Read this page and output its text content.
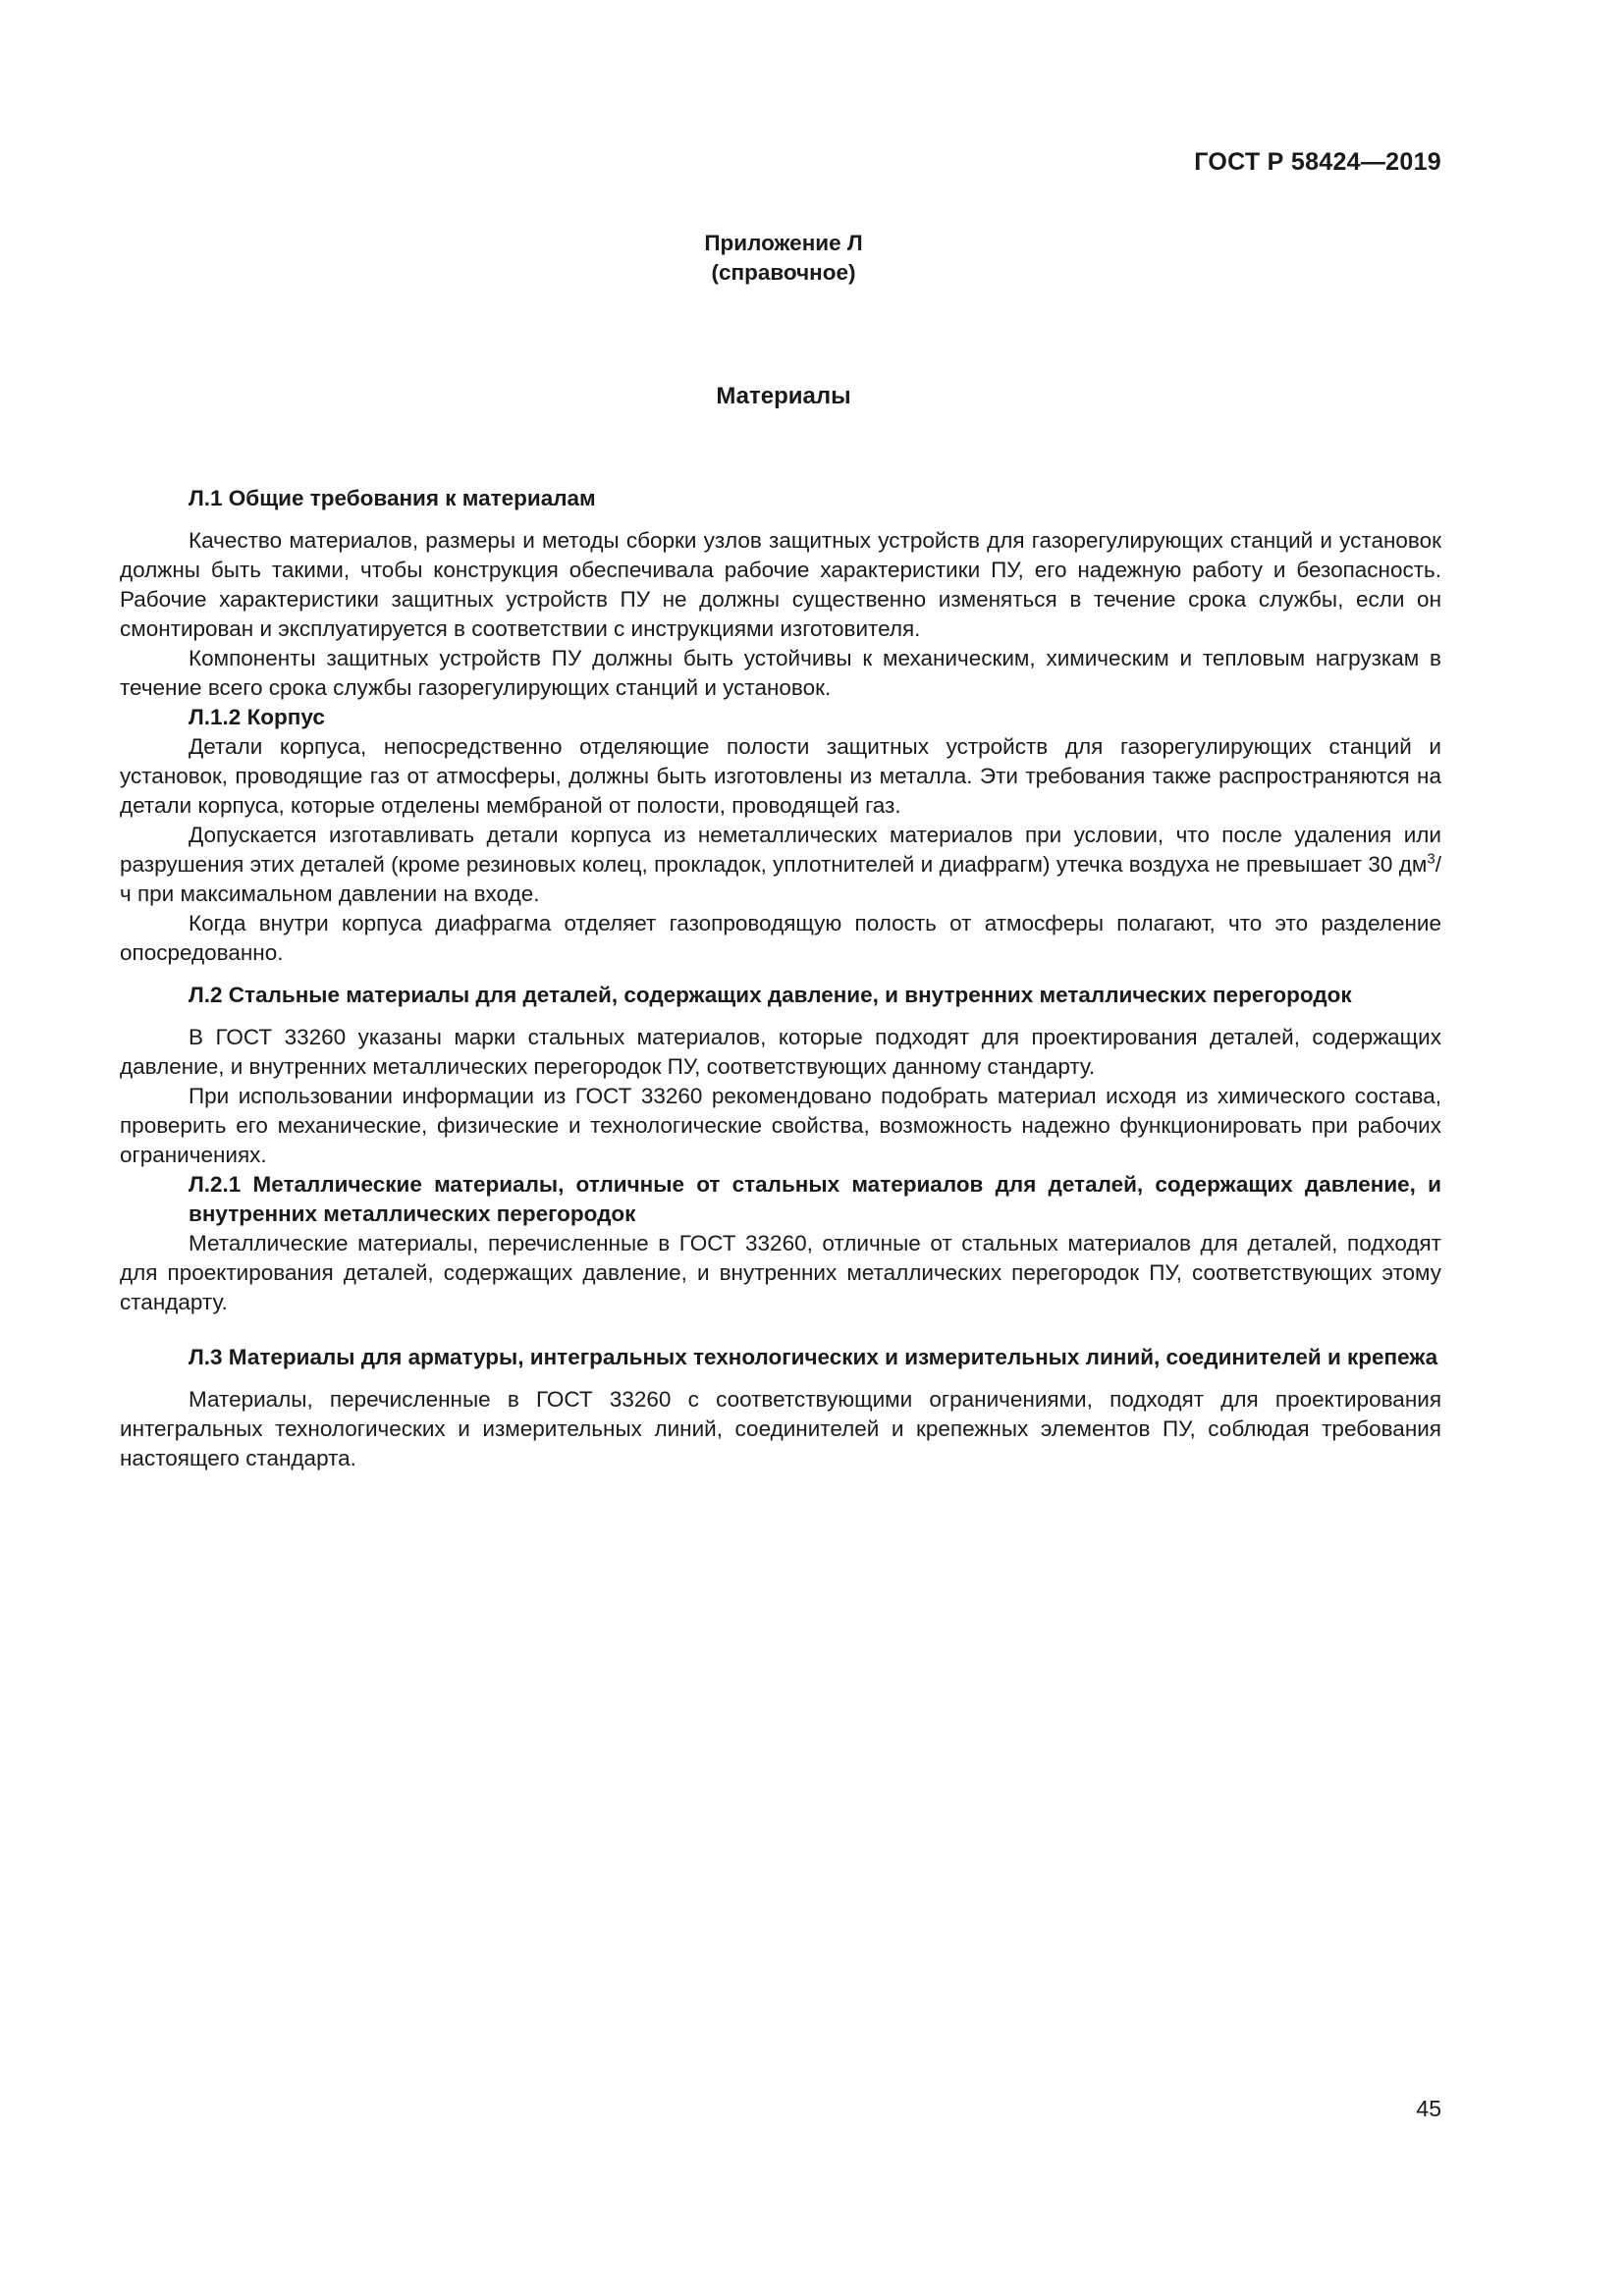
ГОСТ Р 58424—2019
Приложение Л
(справочное)
Материалы

Л.1 Общие требования к материалам

Качество материалов, размеры и методы сборки узлов защитных устройств для газорегулирующих станций и установок должны быть такими, чтобы конструкция обеспечивала рабочие характеристики ПУ, его надежную работу и безопасность. Рабочие характеристики защитных устройств ПУ не должны существенно изменяться в течение срока службы, если он смонтирован и эксплуатируется в соответствии с инструкциями изготовителя.

Компоненты защитных устройств ПУ должны быть устойчивы к механическим, химическим и тепловым нагрузкам в течение всего срока службы газорегулирующих станций и установок.

Л.1.2 Корпус

Детали корпуса, непосредственно отделяющие полости защитных устройств для газорегулирующих станций и установок, проводящие газ от атмосферы, должны быть изготовлены из металла. Эти требования также распространяются на детали корпуса, которые отделены мембраной от полости, проводящей газ.

Допускается изготавливать детали корпуса из неметаллических материалов при условии, что после удаления или разрушения этих деталей (кроме резиновых колец, прокладок, уплотнителей и диафрагм) утечка воздуха не превышает 30 $дм^3/ч$ при максимальном давлении на входе.

Когда внутри корпуса диафрагма отделяет газопроводящую полость от атмосферы полагают, что это разделение опосредованно.

Л.2 Стальные материалы для деталей, содержащих давление, и внутренних металлических перегородок

В ГОСТ 33260 указаны марки стальных материалов, которые подходят для проектирования деталей, содержащих давление, и внутренних металлических перегородок ПУ, соответствующих данному стандарту.

При использовании информации из ГОСТ 33260 рекомендовано подобрать материал исходя из химического состава, проверить его механические, физические и технологические свойства, возможность надежно функционировать при рабочих ограничениях.

Л.2.1 Металлические материалы, отличные от стальных материалов для деталей, содержащих давление, и внутренних металлических перегородок

Металлические материалы, перечисленные в ГОСТ 33260, отличные от стальных материалов для деталей, подходят для проектирования деталей, содержащих давление, и внутренних металлических перегородок ПУ, соответствующих этому стандарту.

Л.3 Материалы для арматуры, интегральных технологических и измерительных линий, соединителей и крепежа

Материалы, перечисленные в ГОСТ 33260 с соответствующими ограничениями, подходят для проектирования интегральных технологических и измерительных линий, соединителей и крепежных элементов ПУ, соблюдая требования настоящего стандарта.

45
